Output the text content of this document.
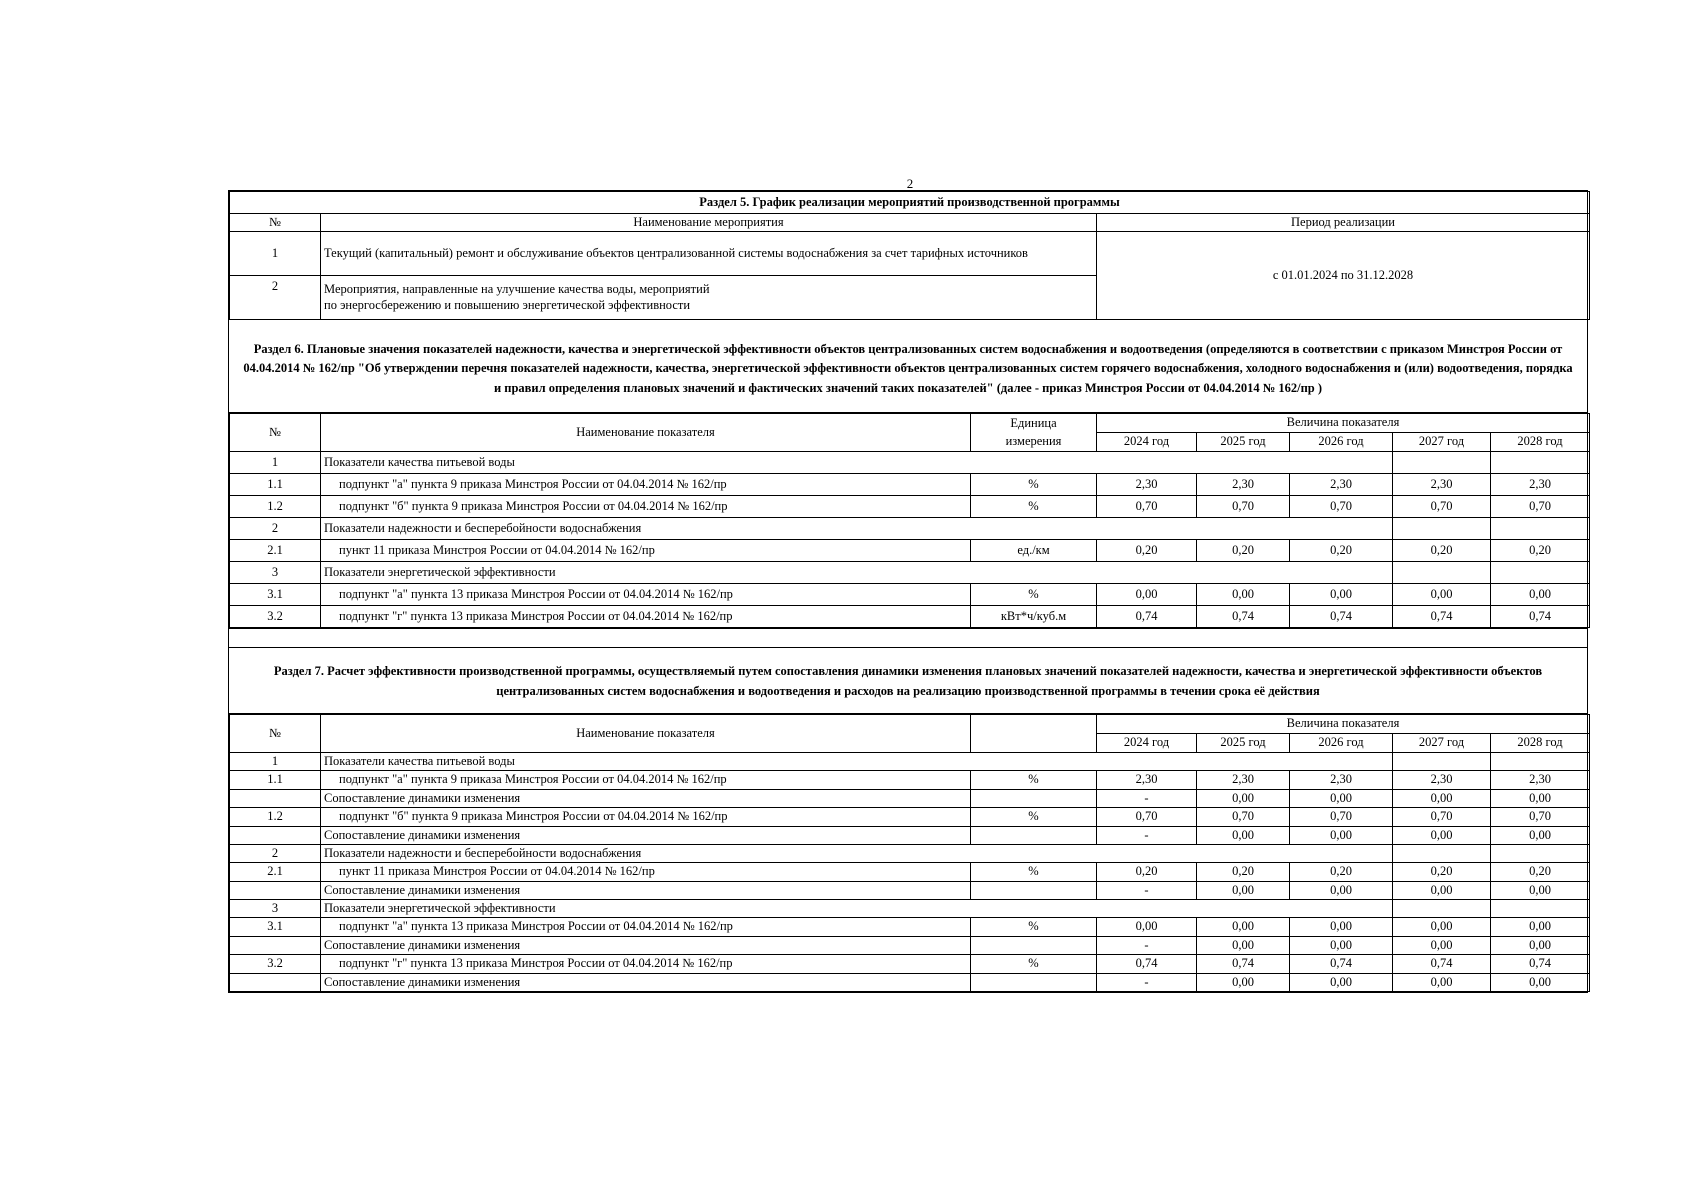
2
Раздел 5. График реализации мероприятий производственной программы		
№	Наименование мероприятия	Период реализации
1	Текущий (капитальный) ремонт и обслуживание объектов централизованной системы водоснабжения за счет тарифных источников	с 01.01.2024 по 31.12.2028
2	Мероприятия, направленные на улучшение качества воды, мероприятий
по энергосбережению и повышению энергетической эффективности	
Раздел 6. Плановые значения показателей надежности, качества и энергетической эффективности объектов централизованных систем водоснабжения и водоотведения (определяются в соответствии с приказом Минстроя России от 04.04.2014 № 162/пр "Об утверждении перечня показателей надежности, качества, энергетической эффективности объектов централизованных систем горячего водоснабжения, холодного водоснабжения и (или) водоотведения, порядка и правил определения плановых значений и фактических значений таких показателей" (далее - приказ Минстроя России от 04.04.2014 № 162/пр )
№	Наименование показателя	Единица	Величина показателя				
		измерения	2024 год	2025 год	2026 год	2027 год	2028 год
1	Показатели качества питьевой воды						
1.1	подпункт "а" пункта 9 приказа Минстроя России от 04.04.2014 № 162/пр	%	2,30	2,30	2,30	2,30	2,30
1.2	подпункт "б" пункта 9 приказа Минстроя России от 04.04.2014 № 162/пр	%	0,70	0,70	0,70	0,70	0,70
2	Показатели надежности и бесперебойности водоснабжения						
2.1	пункт 11 приказа Минстроя России от 04.04.2014 № 162/пр	ед./км	0,20	0,20	0,20	0,20	0,20
3	Показатели энергетической эффективности						
3.1	подпункт "а" пункта 13 приказа Минстроя России от 04.04.2014 № 162/пр	%	0,00	0,00	0,00	0,00	0,00
3.2	подпункт "г" пункта 13 приказа Минстроя России от 04.04.2014 № 162/пр	кВт*ч/куб.м	0,74	0,74	0,74	0,74	0,74
Раздел 7. Расчет эффективности производственной программы, осуществляемый путем сопоставления динамики изменения плановых значений показателей надежности, качества и энергетической эффективности объектов централизованных систем водоснабжения и водоотведения и расходов на реализацию производственной программы в течении срока её действия
№	Наименование показателя		Величина показателя				
			2024 год	2025 год	2026 год	2027 год	2028 год
1	Показатели качества питьевой воды						
1.1	подпункт "а" пункта 9 приказа Минстроя России от 04.04.2014 № 162/пр	%	2,30	2,30	2,30	2,30	2,30
	Сопоставление динамики изменения		-	0,00	0,00	0,00	0,00
1.2	подпункт "б" пункта 9 приказа Минстроя России от 04.04.2014 № 162/пр	%	0,70	0,70	0,70	0,70	0,70
	Сопоставление динамики изменения		-	0,00	0,00	0,00	0,00
2	Показатели надежности и бесперебойности водоснабжения						
2.1	пункт 11 приказа Минстроя России от 04.04.2014 № 162/пр	%	0,20	0,20	0,20	0,20	0,20
	Сопоставление динамики изменения		-	0,00	0,00	0,00	0,00
3	Показатели энергетической эффективности						
3.1	подпункт "а" пункта 13 приказа Минстроя России от 04.04.2014 № 162/пр	%	0,00	0,00	0,00	0,00	0,00
	Сопоставление динамики изменения		-	0,00	0,00	0,00	0,00
3.2	подпункт "г" пункта 13 приказа Минстроя России от 04.04.2014 № 162/пр	%	0,74	0,74	0,74	0,74	0,74
	Сопоставление динамики изменения		-	0,00	0,00	0,00	0,00
